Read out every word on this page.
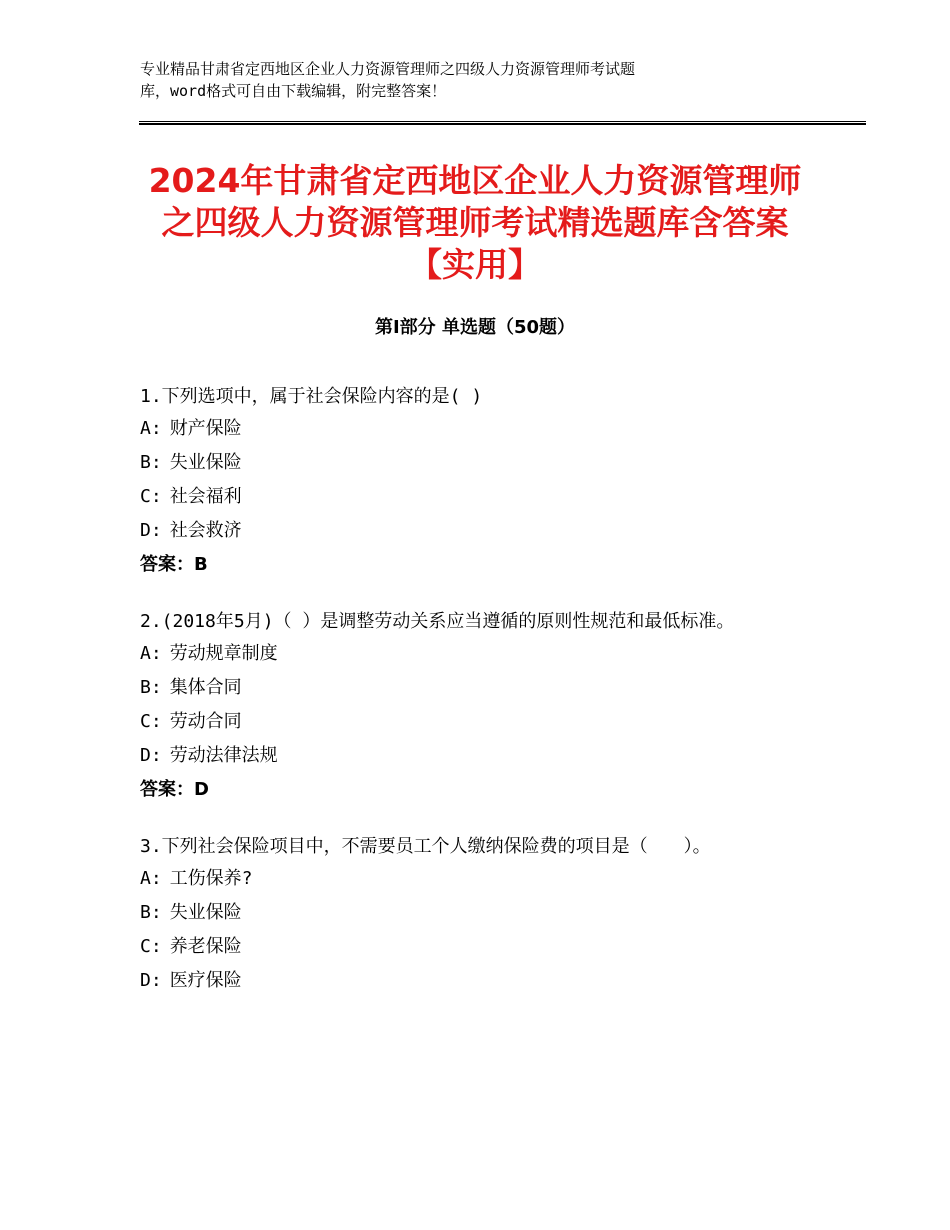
专业精品甘肃省定西地区企业人力资源管理师之四级人力资源管理师考试题
库，word格式可自由下载编辑，附完整答案！
2024年甘肃省定西地区企业人力资源管理师
之四级人力资源管理师考试精选题库含答案
【实用】
第Ⅰ部分 单选题（50题）

1.下列选项中，属于社会保险内容的是( )

A: 财产保险

B: 失业保险

C: 社会福利

D: 社会救济

答案：B

2.(2018年5月)（ ）是调整劳动关系应当遵循的原则性规范和最低标准。

A: 劳动规章制度

B: 集体合同

C: 劳动合同

D: 劳动法律法规

答案：D

3.下列社会保险项目中，不需要员工个人缴纳保险费的项目是（　　）。

A: 工伤保养?

B: 失业保险

C: 养老保险

D: 医疗保险
